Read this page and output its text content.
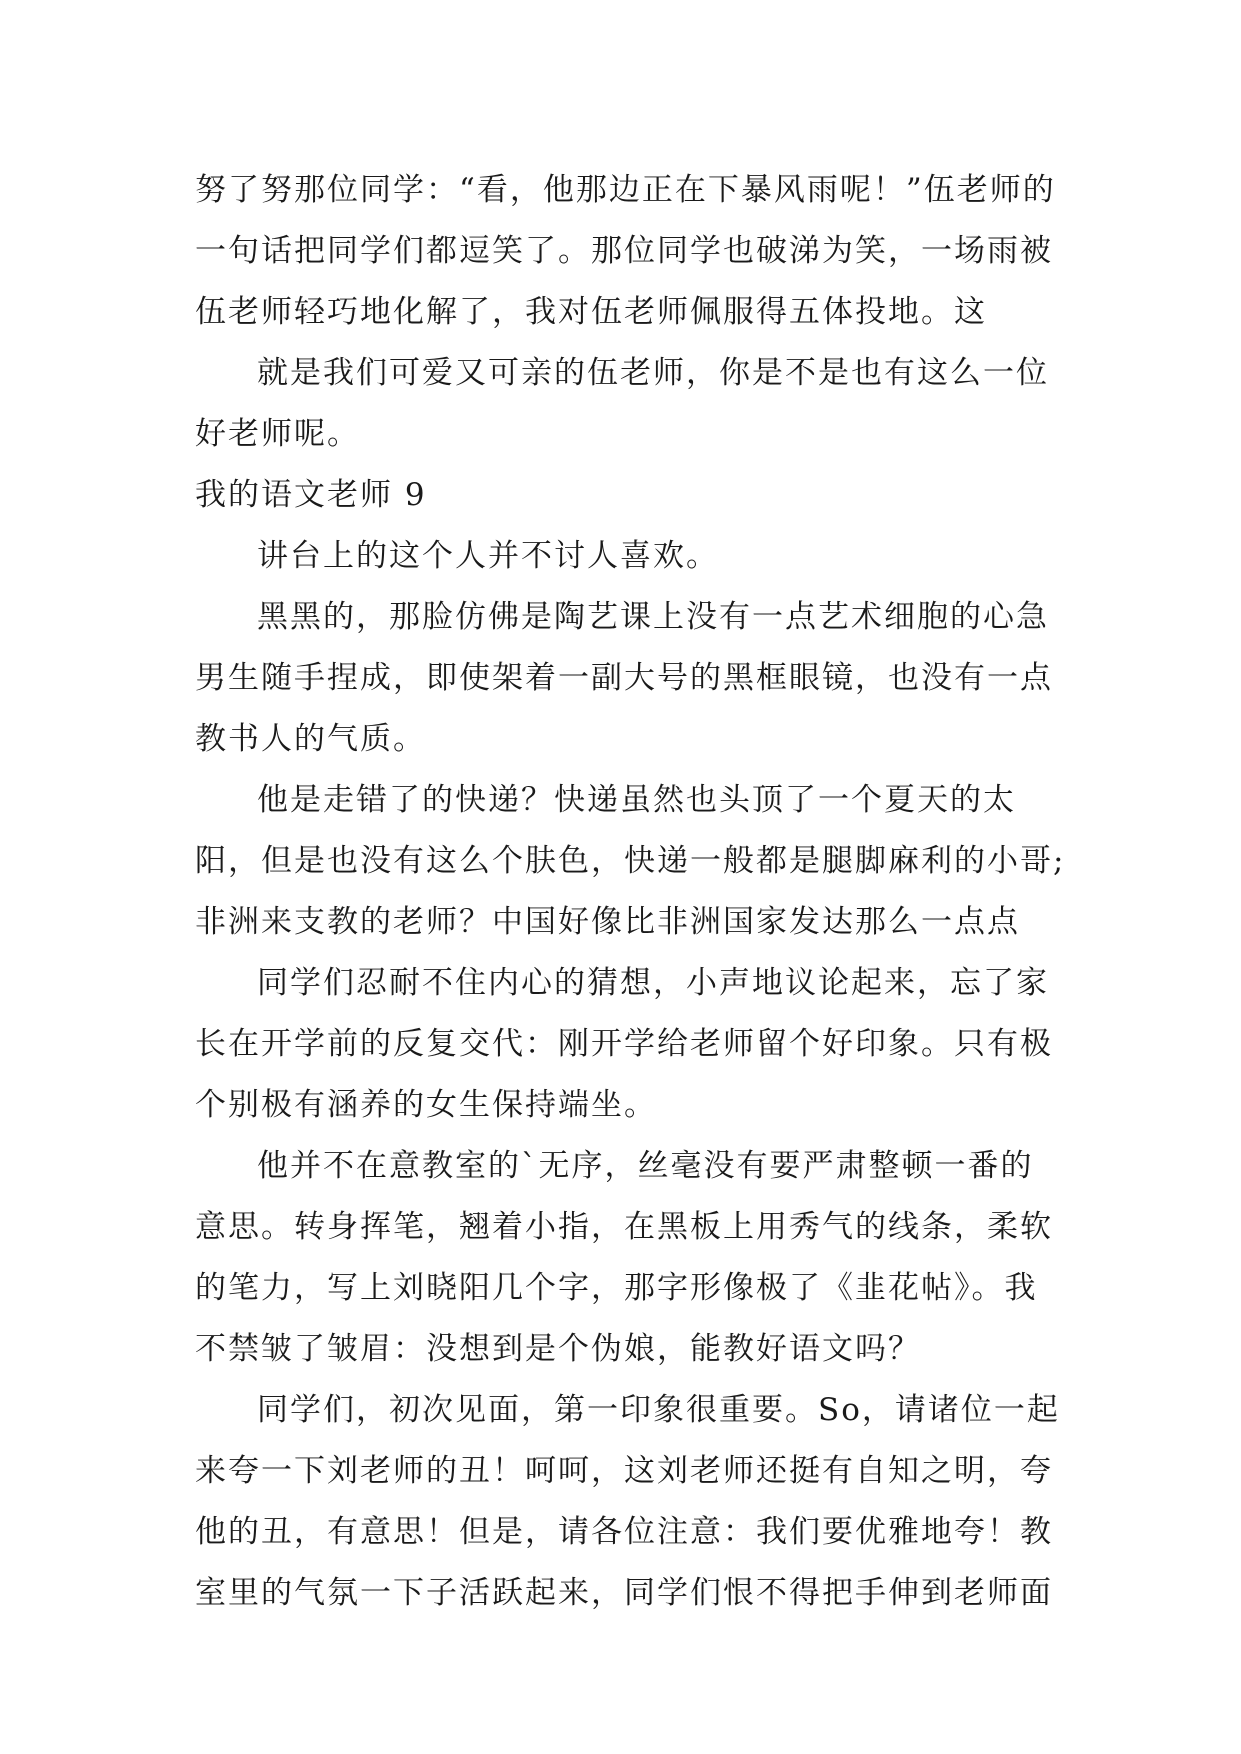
努了努那位同学：“看，他那边正在下暴风雨呢！”伍老师的
一句话把同学们都逗笑了。那位同学也破涕为笑，一场雨被
伍老师轻巧地化解了，我对伍老师佩服得五体投地。这
就是我们可爱又可亲的伍老师，你是不是也有这么一位
好老师呢。
我的语文老师 9
讲台上的这个人并不讨人喜欢。
黑黑的，那脸仿佛是陶艺课上没有一点艺术细胞的心急
男生随手捏成，即使架着一副大号的黑框眼镜，也没有一点
教书人的气质。
他是走错了的快递？快递虽然也头顶了一个夏天的太
阳，但是也没有这么个肤色，快递一般都是腿脚麻利的小哥;
非洲来支教的老师？中国好像比非洲国家发达那么一点点
同学们忍耐不住内心的猜想，小声地议论起来，忘了家
长在开学前的反复交代：刚开学给老师留个好印象。只有极
个别极有涵养的女生保持端坐。
他并不在意教室的`无序，丝毫没有要严肃整顿一番的
意思。转身挥笔，翘着小指，在黑板上用秀气的线条，柔软
的笔力，写上刘晓阳几个字，那字形像极了《韭花帖》。我
不禁皱了皱眉：没想到是个伪娘，能教好语文吗？
同学们，初次见面，第一印象很重要。So，请诸位一起
来夸一下刘老师的丑！呵呵，这刘老师还挺有自知之明，夸
他的丑，有意思！但是，请各位注意：我们要优雅地夸！教
室里的气氛一下子活跃起来，同学们恨不得把手伸到老师面
